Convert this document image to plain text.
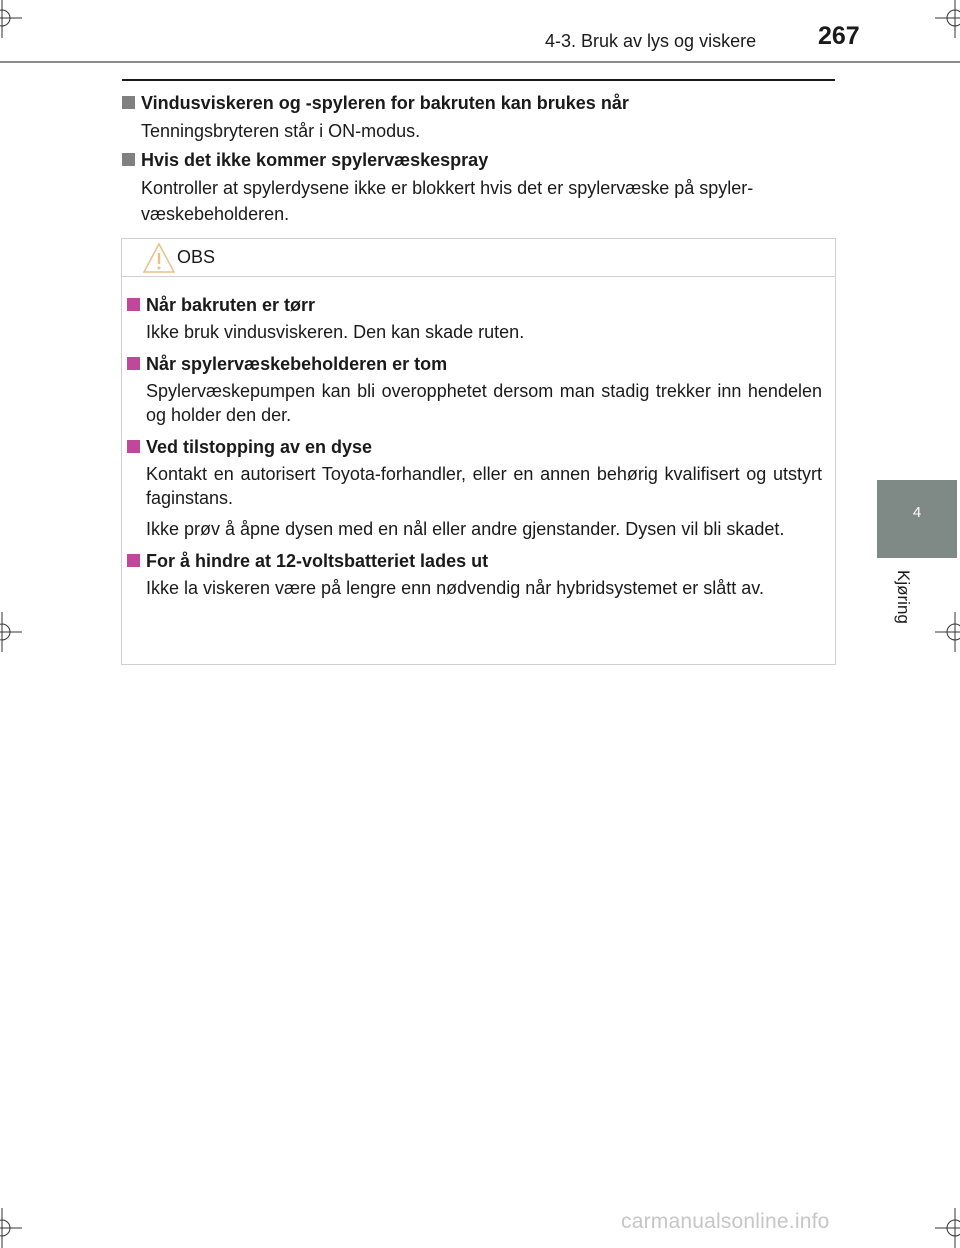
4-3. Bruk av lys og viskere 267
4
Kjøring
Vindusviskeren og -spyleren for bakruten kan brukes når
Tenningsbryteren står i ON-modus.
Hvis det ikke kommer spylervæskespray
Kontroller at spylerdysene ikke er blokkert hvis det er spylervæske på spylervæskebeholderen.
OBS
Når bakruten er tørr
Ikke bruk vindusviskeren. Den kan skade ruten.
Når spylervæskebeholderen er tom
Spylervæskepumpen kan bli overopphetet dersom man stadig trekker inn hendelen og holder den der.
Ved tilstopping av en dyse
Kontakt en autorisert Toyota-forhandler, eller en annen behørig kvalifisert og utstyrt faginstans.
Ikke prøv å åpne dysen med en nål eller andre gjenstander. Dysen vil bli skadet.
For å hindre at 12-voltsbatteriet lades ut
Ikke la viskeren være på lengre enn nødvendig når hybridsystemet er slått av.
carmanualsonline.info
